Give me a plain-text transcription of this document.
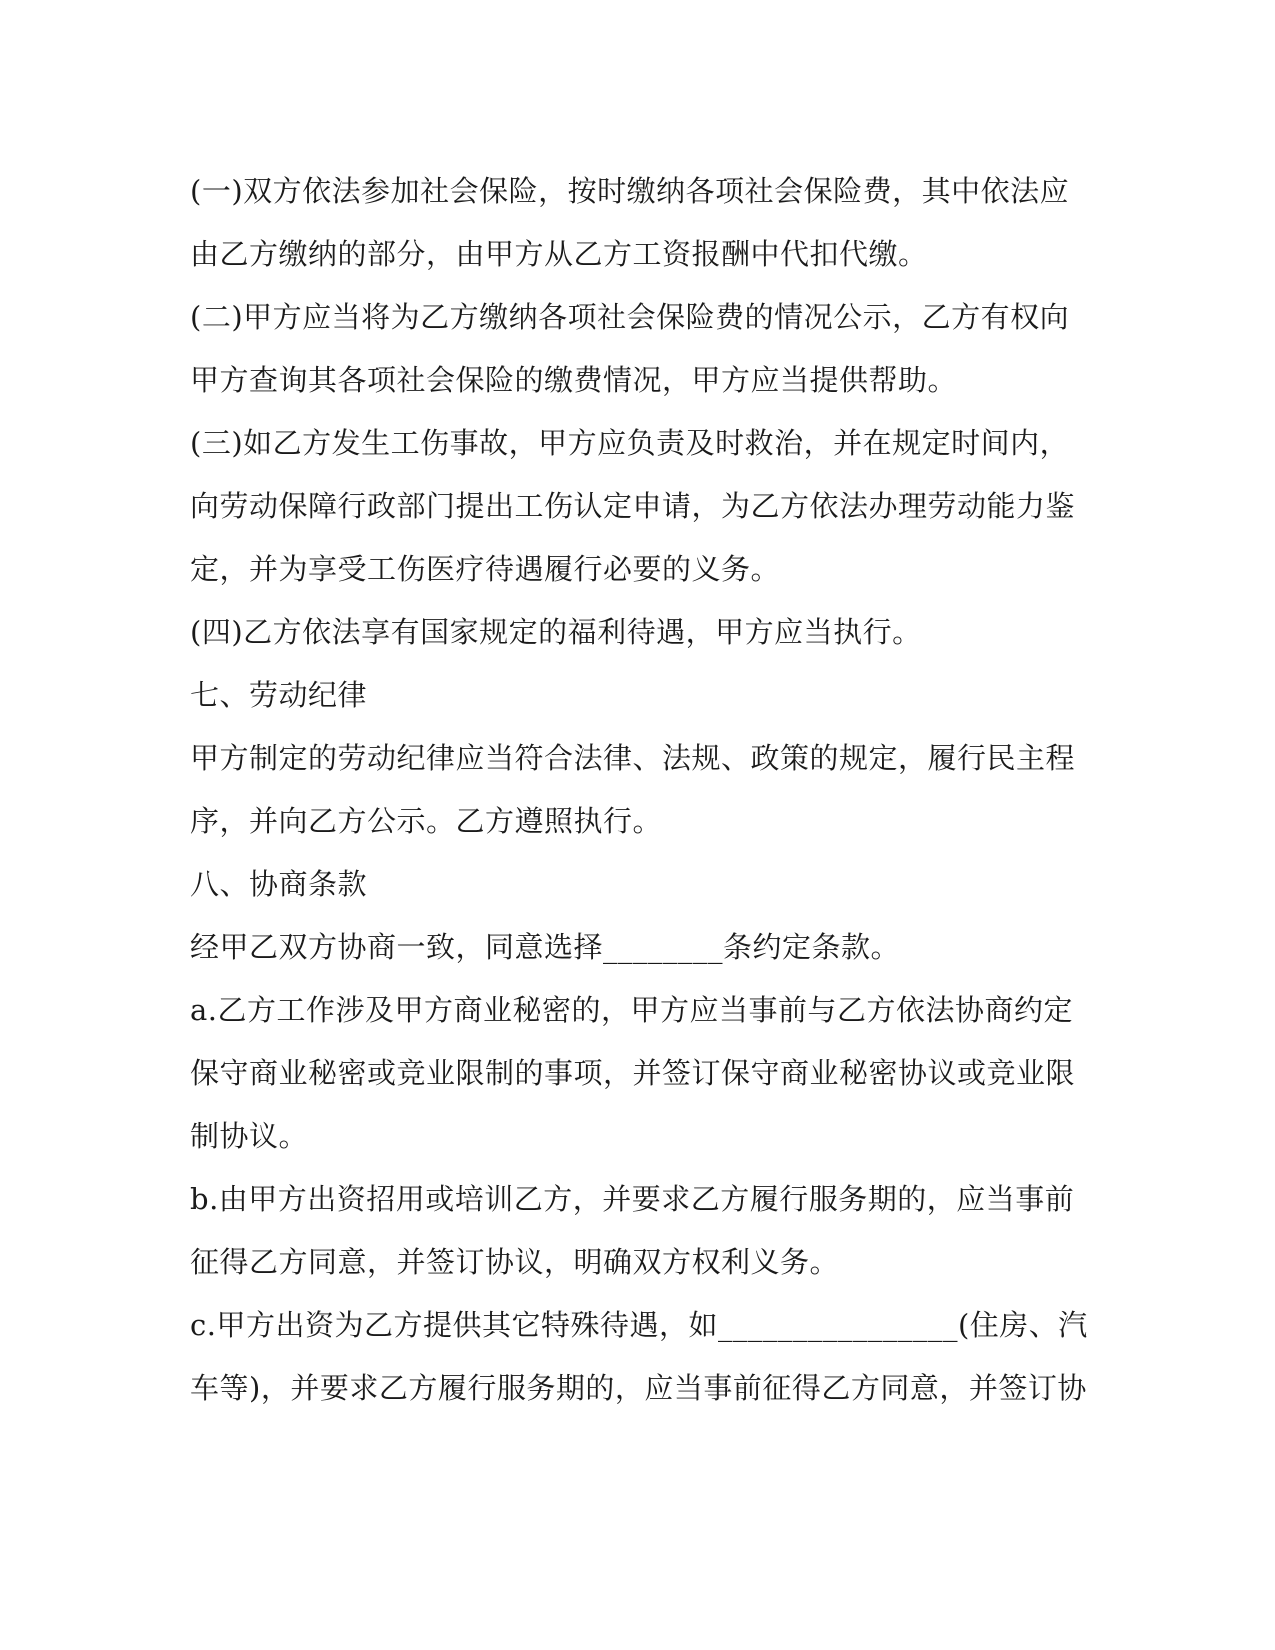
(一)双方依法参加社会保险，按时缴纳各项社会保险费，其中依法应
由乙方缴纳的部分，由甲方从乙方工资报酬中代扣代缴。
(二)甲方应当将为乙方缴纳各项社会保险费的情况公示，乙方有权向
甲方查询其各项社会保险的缴费情况，甲方应当提供帮助。
(三)如乙方发生工伤事故，甲方应负责及时救治，并在规定时间内，
向劳动保障行政部门提出工伤认定申请，为乙方依法办理劳动能力鉴
定，并为享受工伤医疗待遇履行必要的义务。
(四)乙方依法享有国家规定的福利待遇，甲方应当执行。
七、劳动纪律
甲方制定的劳动纪律应当符合法律、法规、政策的规定，履行民主程
序，并向乙方公示。乙方遵照执行。
八、协商条款
经甲乙双方协商一致，同意选择________条约定条款。
a.乙方工作涉及甲方商业秘密的，甲方应当事前与乙方依法协商约定
保守商业秘密或竞业限制的事项，并签订保守商业秘密协议或竞业限
制协议。
b.由甲方出资招用或培训乙方，并要求乙方履行服务期的，应当事前
征得乙方同意，并签订协议，明确双方权利义务。
c.甲方出资为乙方提供其它特殊待遇，如________________(住房、汽
车等)，并要求乙方履行服务期的，应当事前征得乙方同意，并签订协
